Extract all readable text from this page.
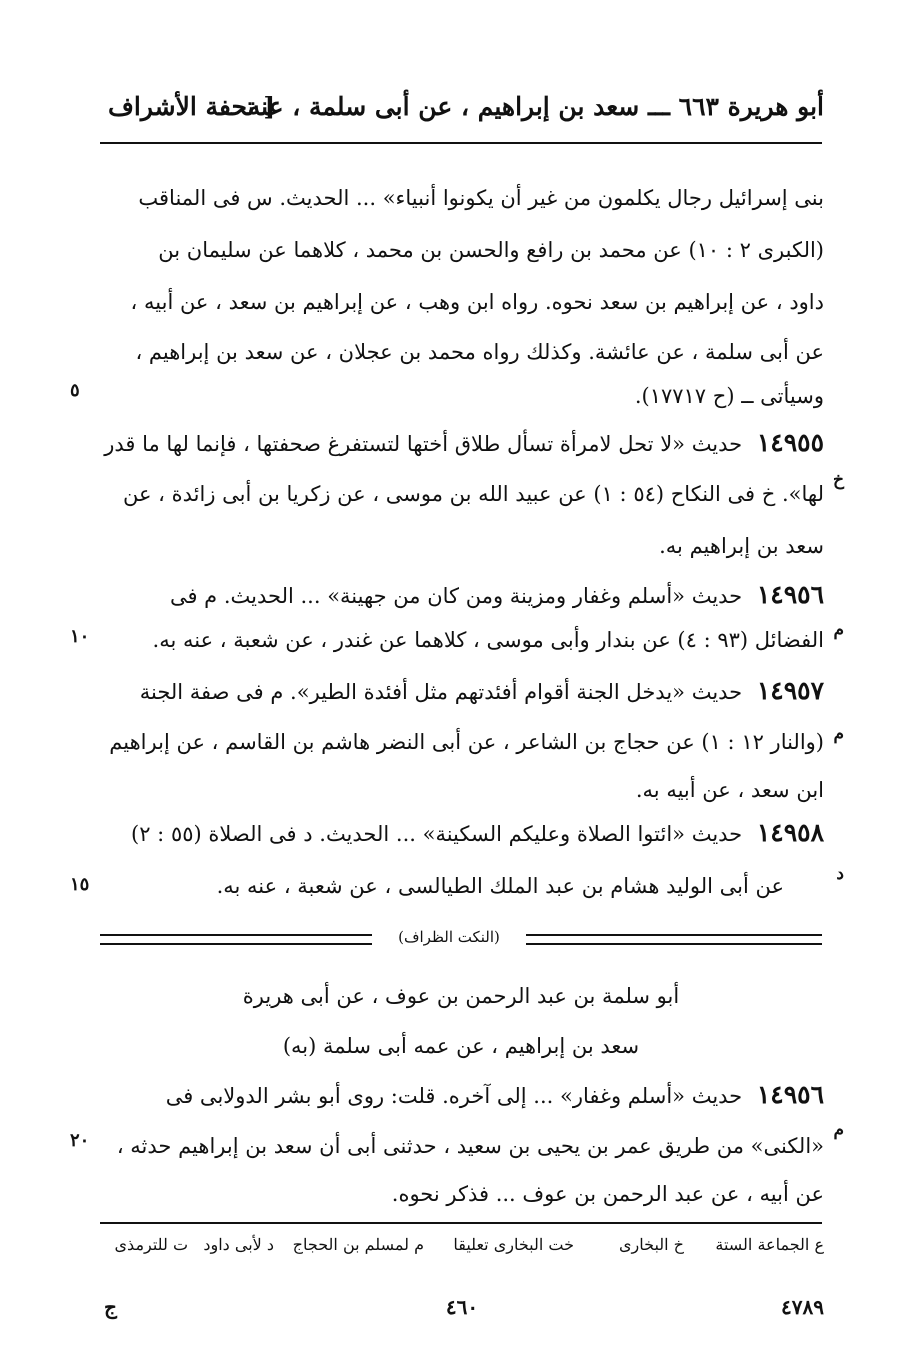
أبو هريرة ٦٦٣ ـــ سعد بن إبراهيم ، عن أبى سلمة ، عنه
[ تحفة الأشراف
بنى إسرائيل رجال يكلمون من غير أن يكونوا أنبياء» ... الحديث. س فى المناقب
(الكبرى ٢ : ١٠) عن محمد بن رافع والحسن بن محمد ، كلاهما عن سليمان بن
داود ، عن إبراهيم بن سعد نحوه. رواه ابن وهب ، عن إبراهيم بن سعد ، عن أبيه ،
عن أبى سلمة ، عن عائشة. وكذلك رواه محمد بن عجلان ، عن سعد بن إبراهيم ،
وسيأتى ــ (ح ١٧٧١٧).
١٤٩٥٥ حديث «لا تحل لامرأة تسأل طلاق أختها لتستفرغ صحفتها ، فإنما لها ما قدر
لها». خ فى النكاح (٥٤ : ١) عن عبيد الله بن موسى ، عن زكريا بن أبى زائدة ، عن
سعد بن إبراهيم به.
١٤٩٥٦ حديث «أسلم وغفار ومزينة ومن كان من جهينة» ... الحديث. م فى
الفضائل (٩٣ : ٤) عن بندار وأبى موسى ، كلاهما عن غندر ، عن شعبة ، عنه به.
١٤٩٥٧ حديث «يدخل الجنة أقوام أفئدتهم مثل أفئدة الطير». م فى صفة الجنة
(والنار ١٢ : ١) عن حجاج بن الشاعر ، عن أبى النضر هاشم بن القاسم ، عن إبراهيم
ابن سعد ، عن أبيه به.
١٤٩٥٨ حديث «ائتوا الصلاة وعليكم السكينة» ... الحديث. د فى الصلاة (٥٥ : ٢)
عن أبى الوليد هشام بن عبد الملك الطيالسى ، عن شعبة ، عنه به.
٥
١٠
١٥
٢٠
خ
م
م
د
م
(النكت الظراف)
أبو سلمة بن عبد الرحمن بن عوف ، عن أبى هريرة
سعد بن إبراهيم ، عن عمه أبى سلمة (به)
١٤٩٥٦ حديث «أسلم وغفار» ... إلى آخره. قلت: روى أبو بشر الدولابى فى
«الكنى» من طريق عمر بن يحيى بن سعيد ، حدثنى أبى أن سعد بن إبراهيم حدثه ،
عن أبيه ، عن عبد الرحمن بن عوف ... فذكر نحوه.
ع الجماعة الستة
خ البخارى
خت البخارى تعليقا
م لمسلم بن الحجاج
د لأبى داود
ت للترمذى
٤٧٨٩
٤٦٠
ج
